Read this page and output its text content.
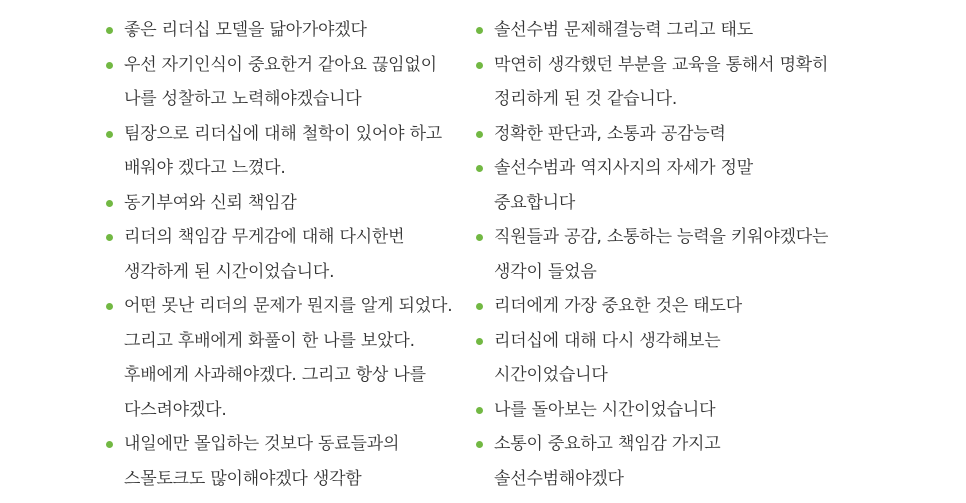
좋은 리더십 모델을 닮아가야겠다
우선 자기인식이 중요한거 같아요 끊임없이 나를 성찰하고 노력해야겠습니다
팀장으로 리더십에 대해 철학이 있어야 하고 배워야 겠다고 느꼈다.
동기부여와 신뢰 책임감
리더의 책임감 무게감에 대해 다시한번 생각하게 된 시간이었습니다.
어떤 못난 리더의 문제가 뭔지를 알게 되었다. 그리고 후배에게 화풀이 한 나를 보았다. 후배에게 사과해야겠다. 그리고 항상 나를 다스려야겠다.
내일에만 몰입하는 것보다 동료들과의 스몰토크도 많이해야겠다 생각함
솔선수범 문제해결능력 그리고 태도
막연히 생각했던 부분을 교육을 통해서 명확히 정리하게 된 것 같습니다.
정확한 판단과, 소통과 공감능력
솔선수범과 역지사지의 자세가 정말 중요합니다
직원들과 공감, 소통하는 능력을 키워야겠다는 생각이 들었음
리더에게 가장 중요한 것은 태도다
리더십에 대해 다시 생각해보는 시간이었습니다
나를 돌아보는 시간이었습니다
소통이 중요하고 책임감 가지고 솔선수범해야겠다
